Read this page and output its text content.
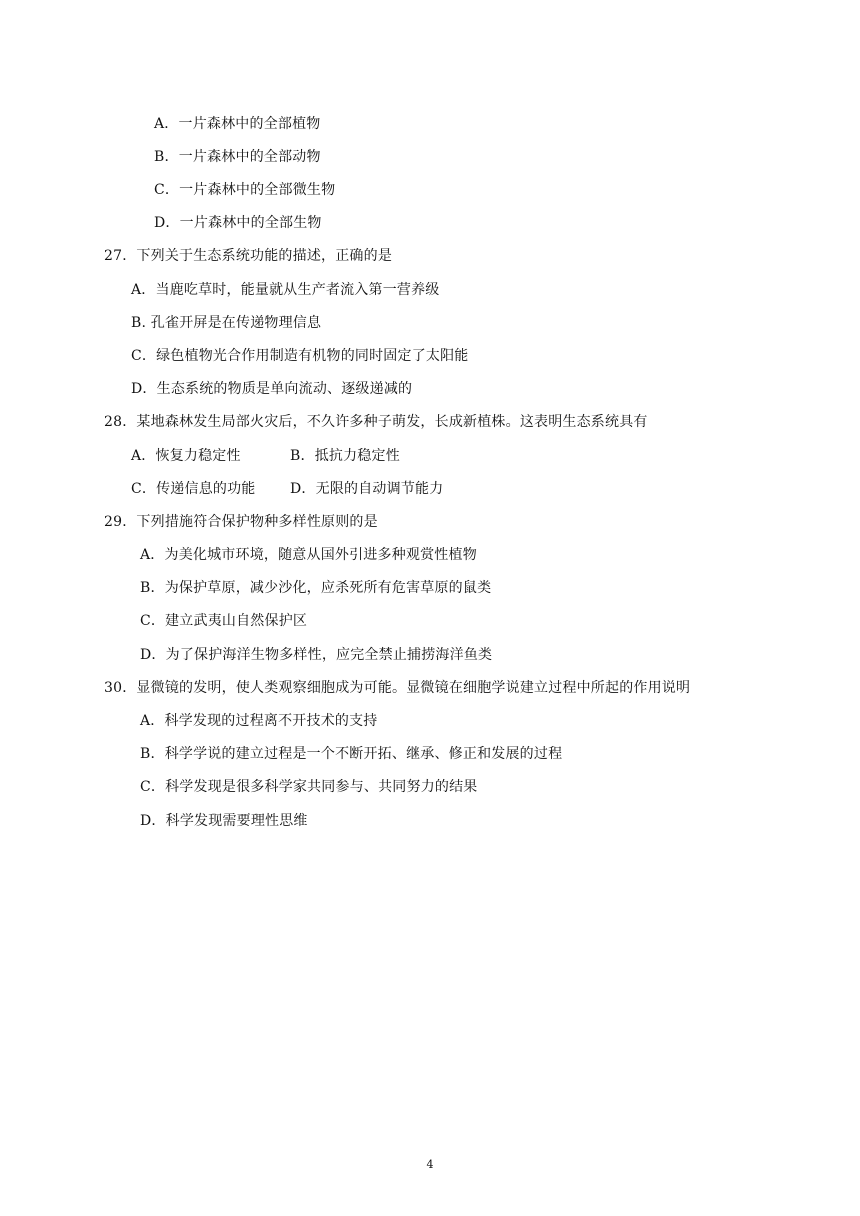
A．一片森林中的全部植物
B．一片森林中的全部动物
C．一片森林中的全部微生物
D．一片森林中的全部生物
27．下列关于生态系统功能的描述，正确的是
A．当鹿吃草时，能量就从生产者流入第一营养级
B. 孔雀开屏是在传递物理信息
C．绿色植物光合作用制造有机物的同时固定了太阳能
D．生态系统的物质是单向流动、逐级递减的
28．某地森林发生局部火灾后，不久许多种子萌发，长成新植株。这表明生态系统具有
A．恢复力稳定性	B．抵抗力稳定性
C．传递信息的功能 D．无限的自动调节能力
29．下列措施符合保护物种多样性原则的是
A．为美化城市环境，随意从国外引进多种观赏性植物
B．为保护草原，减少沙化，应杀死所有危害草原的鼠类
C．建立武夷山自然保护区
D．为了保护海洋生物多样性，应完全禁止捕捞海洋鱼类
30．显微镜的发明，使人类观察细胞成为可能。显微镜在细胞学说建立过程中所起的作用说明
A．科学发现的过程离不开技术的支持
B．科学学说的建立过程是一个不断开拓、继承、修正和发展的过程
C．科学发现是很多科学家共同参与、共同努力的结果
D．科学发现需要理性思维
4
